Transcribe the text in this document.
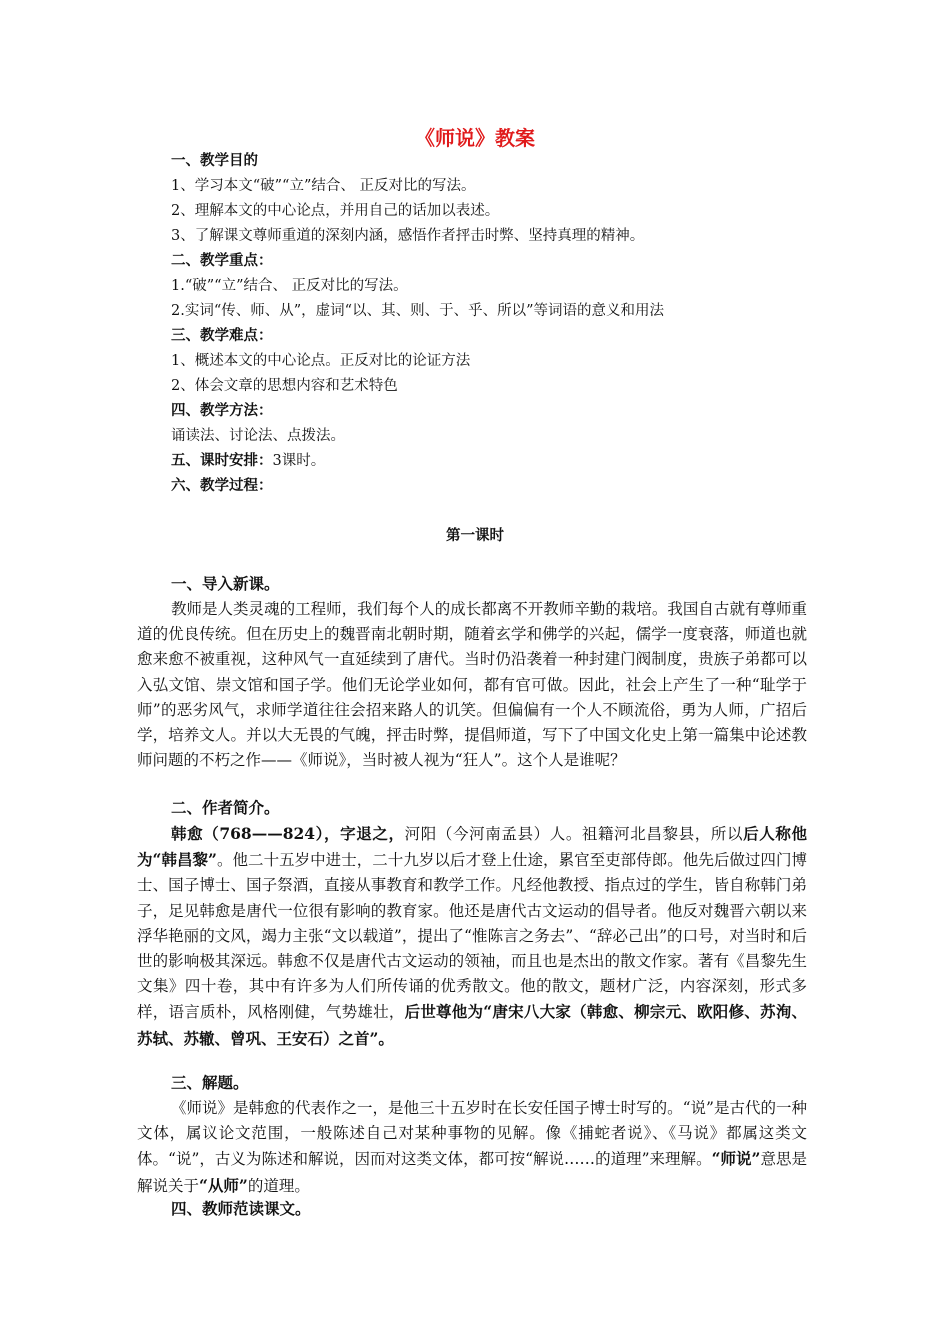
《师说》教案
一、教学目的
1、学习本文“破”“立”结合、 正反对比的写法。
2、理解本文的中心论点，并用自己的话加以表述。
3、了解课文尊师重道的深刻内涵，感悟作者抨击时弊、坚持真理的精神。
二、教学重点：
1.“破”“立”结合、 正反对比的写法。
2.实词“传、师、从”，虚词“以、其、则、于、乎、所以”等词语的意义和用法
三、教学难点：
1、概述本文的中心论点。正反对比的论证方法
2、体会文章的思想内容和艺术特色
四、教学方法：
诵读法、讨论法、点拨法。
五、课时安排：3课时。
六、教学过程：
第一课时
一、导入新课。
教师是人类灵魂的工程师，我们每个人的成长都离不开教师辛勤的栽培。我国自古就有尊师重道的优良传统。但在历史上的魏晋南北朝时期，随着玄学和佛学的兴起，儒学一度衰落，师道也就愈来愈不被重视，这种风气一直延续到了唐代。当时仍沿袭着一种封建门阀制度，贵族子弟都可以入弘文馆、崇文馆和国子学。他们无论学业如何，都有官可做。因此，社会上产生了一种“耻学于师”的恶劣风气，求师学道往往会招来路人的讥笑。但偏偏有一个人不顾流俗，勇为人师，广招后学，培养文人。并以大无畏的气魄，抨击时弊，提倡师道，写下了中国文化史上第一篇集中论述教师问题的不朽之作——《师说》，当时被人视为“狂人”。这个人是谁呢？
二、作者简介。
韩愈（768——824），字退之，河阳（今河南孟县）人。祖籍河北昌黎县，所以后人称他为“韩昌黎”。他二十五岁中进士，二十九岁以后才登上仕途，累官至吏部侍郎。他先后做过四门博士、国子博士、国子祭酒，直接从事教育和教学工作。凡经他教授、指点过的学生，皆自称韩门弟子，足见韩愈是唐代一位很有影响的教育家。他还是唐代古文运动的倡导者。他反对魏晋六朝以来浮华艳丽的文风，竭力主张“文以载道”，提出了“惟陈言之务去”、“辞必己出”的口号，对当时和后世的影响极其深远。韩愈不仅是唐代古文运动的领袖，而且也是杰出的散文作家。著有《昌黎先生文集》四十卷，其中有许多为人们所传诵的优秀散文。他的散文，题材广泛，内容深刻，形式多样，语言质朴，风格刚健，气势雄壮，后世尊他为“唐宋八大家（韩愈、柳宗元、欧阳修、苏洵、苏轼、苏辙、曾巩、王安石）之首”。
三、解题。
《师说》是韩愈的代表作之一，是他三十五岁时在长安任国子博士时写的。“说”是古代的一种文体，属议论文范围，一般陈述自己对某种事物的见解。像《捕蛇者说》、《马说》都属这类文体。“说”，古义为陈述和解说，因而对这类文体，都可按“解说……的道理”来理解。“师说”意思是解说关于“从师”的道理。
四、教师范读课文。
